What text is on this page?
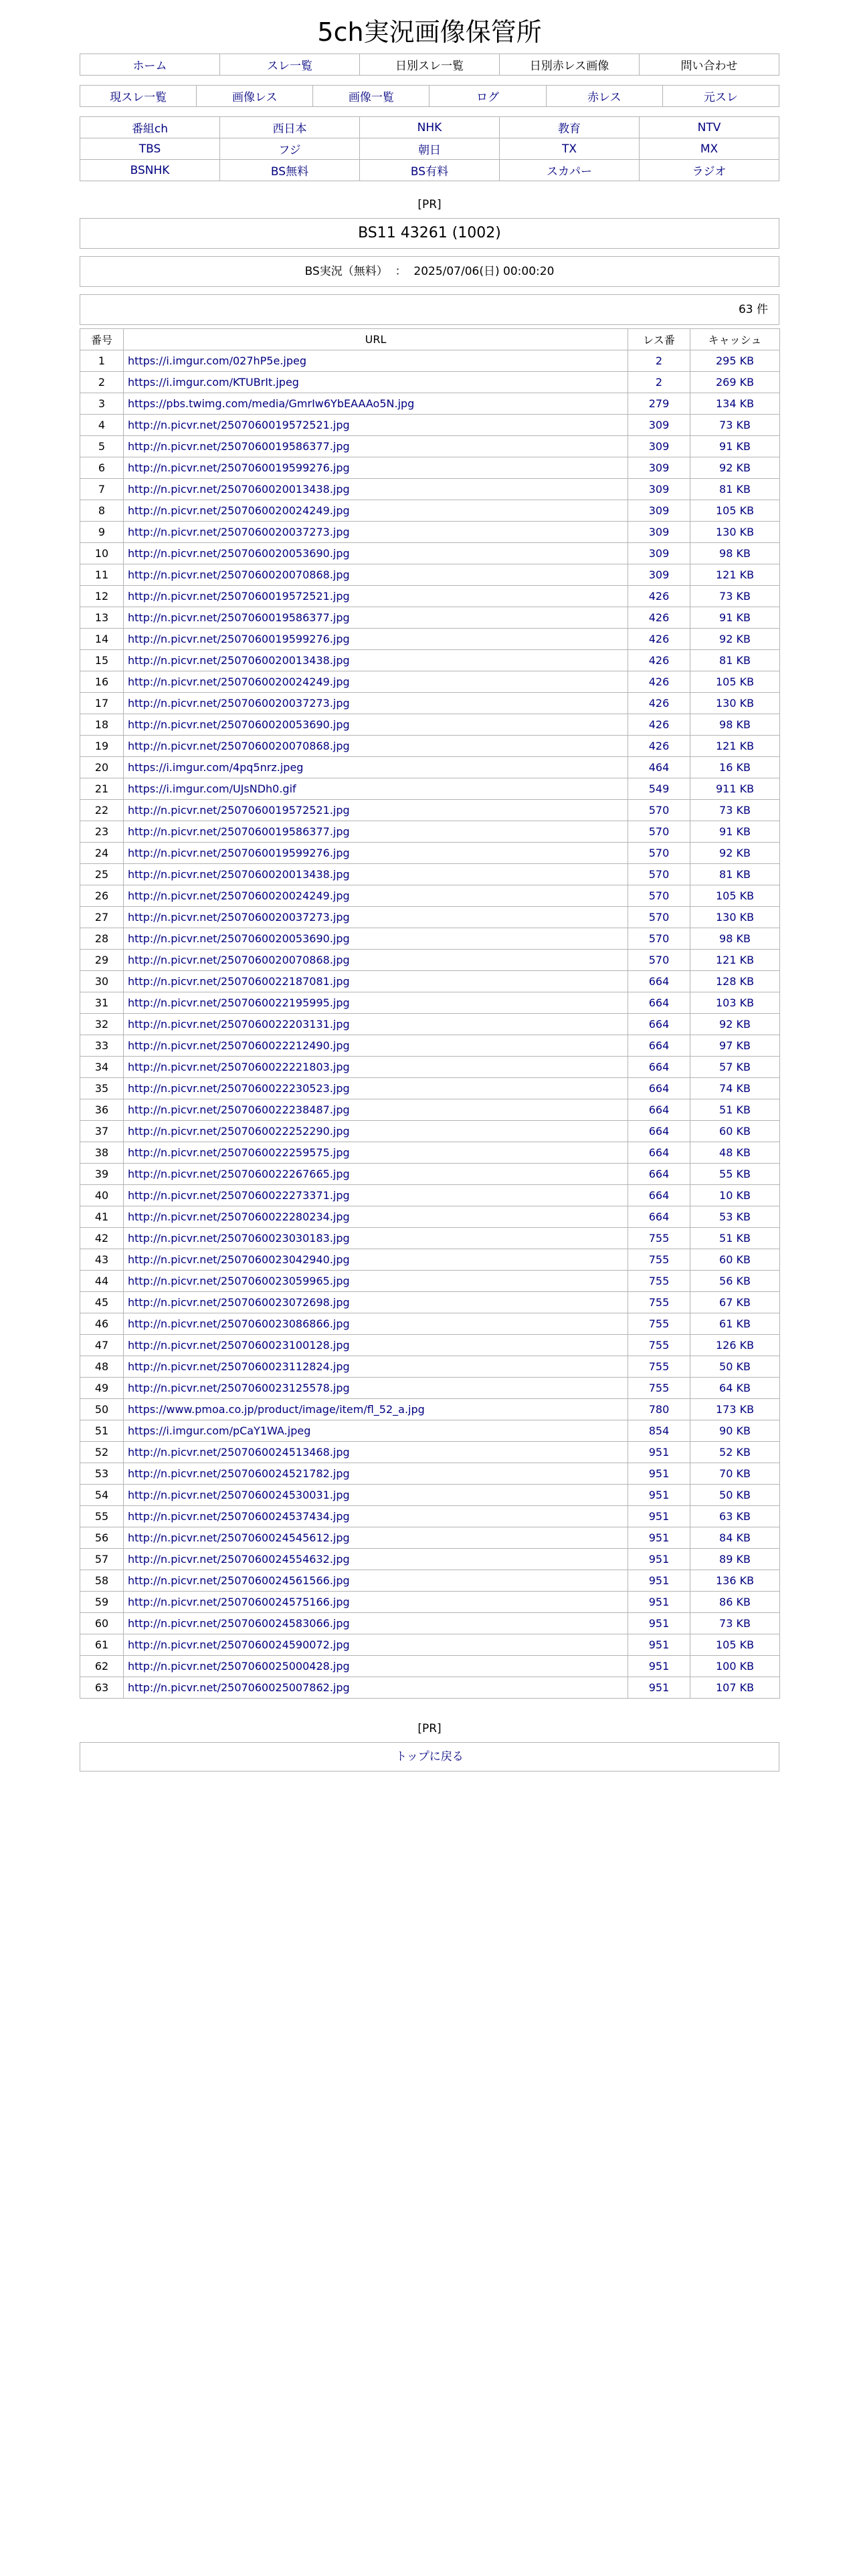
5ch実況画像保管所
ホーム	スレ一覧	日別スレ一覧	日別赤レス画像	問い合わせ
現スレ一覧	画像レス	画像一覧	ログ	赤レス	元スレ
番組ch	西日本	NHK	教育	NTV
TBS	フジ	朝日	TX	MX
BSNHK	BS無料	BS有料	スカパー	ラジオ
[PR]
BS11 43261 (1002)
BS実況（無料）  ：  2025/07/06(日) 00:00:20
63 件
番号	URL	レス番	キャッシュ
1	https://i.imgur.com/027hP5e.jpeg	2	295 KB
2	https://i.imgur.com/KTUBrIt.jpeg	2	269 KB
3	https://pbs.twimg.com/media/GmrIw6YbEAAAo5N.jpg	279	134 KB
4	http://n.picvr.net/2507060019572521.jpg	309	73 KB
5	http://n.picvr.net/2507060019586377.jpg	309	91 KB
6	http://n.picvr.net/2507060019599276.jpg	309	92 KB
7	http://n.picvr.net/2507060020013438.jpg	309	81 KB
8	http://n.picvr.net/2507060020024249.jpg	309	105 KB
9	http://n.picvr.net/2507060020037273.jpg	309	130 KB
10	http://n.picvr.net/2507060020053690.jpg	309	98 KB
11	http://n.picvr.net/2507060020070868.jpg	309	121 KB
12	http://n.picvr.net/2507060019572521.jpg	426	73 KB
13	http://n.picvr.net/2507060019586377.jpg	426	91 KB
14	http://n.picvr.net/2507060019599276.jpg	426	92 KB
15	http://n.picvr.net/2507060020013438.jpg	426	81 KB
16	http://n.picvr.net/2507060020024249.jpg	426	105 KB
17	http://n.picvr.net/2507060020037273.jpg	426	130 KB
18	http://n.picvr.net/2507060020053690.jpg	426	98 KB
19	http://n.picvr.net/2507060020070868.jpg	426	121 KB
20	https://i.imgur.com/4pq5nrz.jpeg	464	16 KB
21	https://i.imgur.com/UJsNDh0.gif	549	911 KB
22	http://n.picvr.net/2507060019572521.jpg	570	73 KB
23	http://n.picvr.net/2507060019586377.jpg	570	91 KB
24	http://n.picvr.net/2507060019599276.jpg	570	92 KB
25	http://n.picvr.net/2507060020013438.jpg	570	81 KB
26	http://n.picvr.net/2507060020024249.jpg	570	105 KB
27	http://n.picvr.net/2507060020037273.jpg	570	130 KB
28	http://n.picvr.net/2507060020053690.jpg	570	98 KB
29	http://n.picvr.net/2507060020070868.jpg	570	121 KB
30	http://n.picvr.net/2507060022187081.jpg	664	128 KB
31	http://n.picvr.net/2507060022195995.jpg	664	103 KB
32	http://n.picvr.net/2507060022203131.jpg	664	92 KB
33	http://n.picvr.net/2507060022212490.jpg	664	97 KB
34	http://n.picvr.net/2507060022221803.jpg	664	57 KB
35	http://n.picvr.net/2507060022230523.jpg	664	74 KB
36	http://n.picvr.net/2507060022238487.jpg	664	51 KB
37	http://n.picvr.net/2507060022252290.jpg	664	60 KB
38	http://n.picvr.net/2507060022259575.jpg	664	48 KB
39	http://n.picvr.net/2507060022267665.jpg	664	55 KB
40	http://n.picvr.net/2507060022273371.jpg	664	10 KB
41	http://n.picvr.net/2507060022280234.jpg	664	53 KB
42	http://n.picvr.net/2507060023030183.jpg	755	51 KB
43	http://n.picvr.net/2507060023042940.jpg	755	60 KB
44	http://n.picvr.net/2507060023059965.jpg	755	56 KB
45	http://n.picvr.net/2507060023072698.jpg	755	67 KB
46	http://n.picvr.net/2507060023086866.jpg	755	61 KB
47	http://n.picvr.net/2507060023100128.jpg	755	126 KB
48	http://n.picvr.net/2507060023112824.jpg	755	50 KB
49	http://n.picvr.net/2507060023125578.jpg	755	64 KB
50	https://www.pmoa.co.jp/product/image/item/fl_52_a.jpg	780	173 KB
51	https://i.imgur.com/pCaY1WA.jpeg	854	90 KB
52	http://n.picvr.net/2507060024513468.jpg	951	52 KB
53	http://n.picvr.net/2507060024521782.jpg	951	70 KB
54	http://n.picvr.net/2507060024530031.jpg	951	50 KB
55	http://n.picvr.net/2507060024537434.jpg	951	63 KB
56	http://n.picvr.net/2507060024545612.jpg	951	84 KB
57	http://n.picvr.net/2507060024554632.jpg	951	89 KB
58	http://n.picvr.net/2507060024561566.jpg	951	136 KB
59	http://n.picvr.net/2507060024575166.jpg	951	86 KB
60	http://n.picvr.net/2507060024583066.jpg	951	73 KB
61	http://n.picvr.net/2507060024590072.jpg	951	105 KB
62	http://n.picvr.net/2507060025000428.jpg	951	100 KB
63	http://n.picvr.net/2507060025007862.jpg	951	107 KB
[PR]
トップに戻る
